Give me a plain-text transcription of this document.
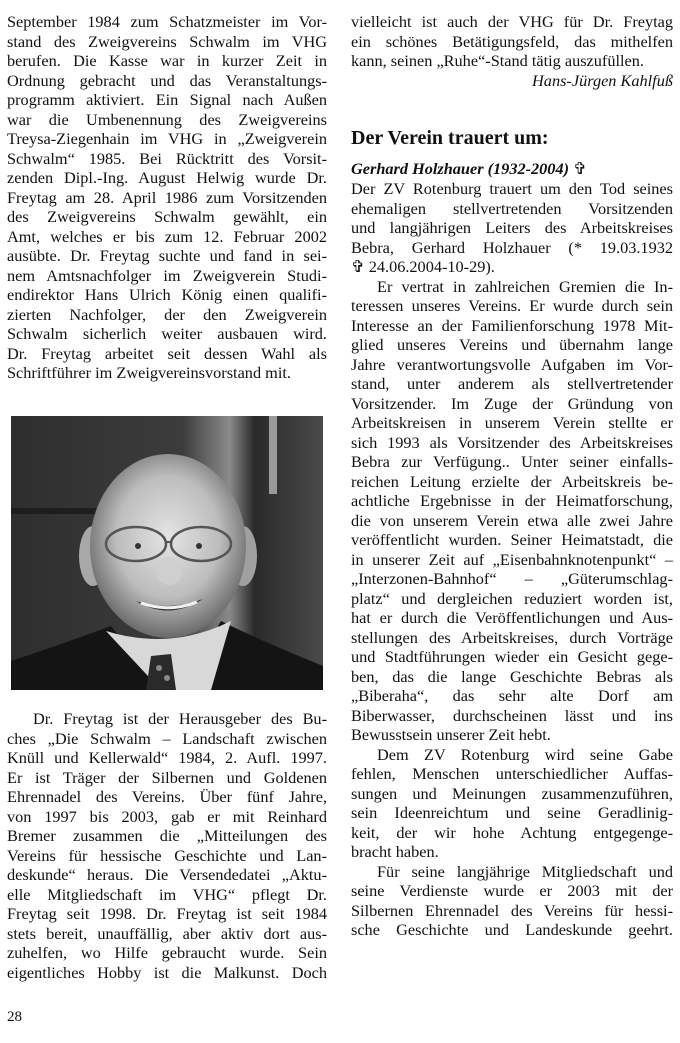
September 1984 zum Schatzmeister im Vor-
stand des Zweigvereins Schwalm im VHG
berufen. Die Kasse war in kurzer Zeit in
Ordnung gebracht und das Veranstaltungs-
programm aktiviert. Ein Signal nach Außen
war die Umbenennung des Zweigvereins
Treysa-Ziegenhain im VHG in „Zweigverein
Schwalm“ 1985. Bei Rücktritt des Vorsit-
zenden Dipl.-Ing. August Helwig wurde Dr.
Freytag am 28. April 1986 zum Vorsitzenden
des Zweigvereins Schwalm gewählt, ein
Amt, welches er bis zum 12. Februar 2002
ausübte. Dr. Freytag suchte und fand in sei-
nem Amtsnachfolger im Zweigverein Studi-
endirektor Hans Ulrich König einen qualifi-
zierten Nachfolger, der den Zweigverein
Schwalm sicherlich weiter ausbauen wird.
Dr. Freytag arbeitet seit dessen Wahl als
Schriftführer im Zweigvereinsvorstand mit.
Dr. Freytag ist der Herausgeber des Bu-
ches „Die Schwalm – Landschaft zwischen
Knüll und Kellerwald“ 1984, 2. Aufl. 1997.
Er ist Träger der Silbernen und Goldenen
Ehrennadel des Vereins. Über fünf Jahre,
von 1997 bis 2003, gab er mit Reinhard
Bremer zusammen die „Mitteilungen des
Vereins für hessische Geschichte und Lan-
deskunde“ heraus. Die Versendedatei „Aktu-
elle Mitgliedschaft im VHG“ pflegt Dr.
Freytag seit 1998. Dr. Freytag ist seit 1984
stets bereit, unauffällig, aber aktiv dort aus-
zuhelfen, wo Hilfe gebraucht wurde. Sein
eigentliches Hobby ist die Malkunst. Doch
28
vielleicht ist auch der VHG für Dr. Freytag
ein schönes Betätigungsfeld, das mithelfen
kann, seinen „Ruhe“-Stand tätig auszufüllen.
Hans-Jürgen Kahlfuß
Der Verein trauert um:
Gerhard Holzhauer (1932-2004) ✞
Der ZV Rotenburg trauert um den Tod seines
ehemaligen stellvertretenden Vorsitzenden
und langjährigen Leiters des Arbeitskreises
Bebra, Gerhard Holzhauer (* 19.03.1932
✞ 24.06.2004-10-29).
Er vertrat in zahlreichen Gremien die In-
teressen unseres Vereins. Er wurde durch sein
Interesse an der Familienforschung 1978 Mit-
glied unseres Vereins und übernahm lange
Jahre verantwortungsvolle Aufgaben im Vor-
stand, unter anderem als stellvertretender
Vorsitzender. Im Zuge der Gründung von
Arbeitskreisen in unserem Verein stellte er
sich 1993 als Vorsitzender des Arbeitskreises
Bebra zur Verfügung.. Unter seiner einfalls-
reichen Leitung erzielte der Arbeitskreis be-
achtliche Ergebnisse in der Heimatforschung,
die von unserem Verein etwa alle zwei Jahre
veröffentlicht wurden. Seiner Heimatstadt, die
in unserer Zeit auf „Eisenbahnknotenpunkt“ –
„Interzonen-Bahnhof“ – „Güterumschlag-
platz“ und dergleichen reduziert worden ist,
hat er durch die Veröffentlichungen und Aus-
stellungen des Arbeitskreises, durch Vorträge
und Stadtführungen wieder ein Gesicht gege-
ben, das die lange Geschichte Bebras als
„Biberaha“, das sehr alte Dorf am
Biberwasser, durchscheinen lässt und ins
Bewusstsein unserer Zeit hebt.
Dem ZV Rotenburg wird seine Gabe
fehlen, Menschen unterschiedlicher Auffas-
sungen und Meinungen zusammenzuführen,
sein Ideenreichtum und seine Geradlinig-
keit, der wir hohe Achtung entgegenge-
bracht haben.
Für seine langjährige Mitgliedschaft und
seine Verdienste wurde er 2003 mit der
Silbernen Ehrennadel des Vereins für hessi-
sche Geschichte und Landeskunde geehrt.
